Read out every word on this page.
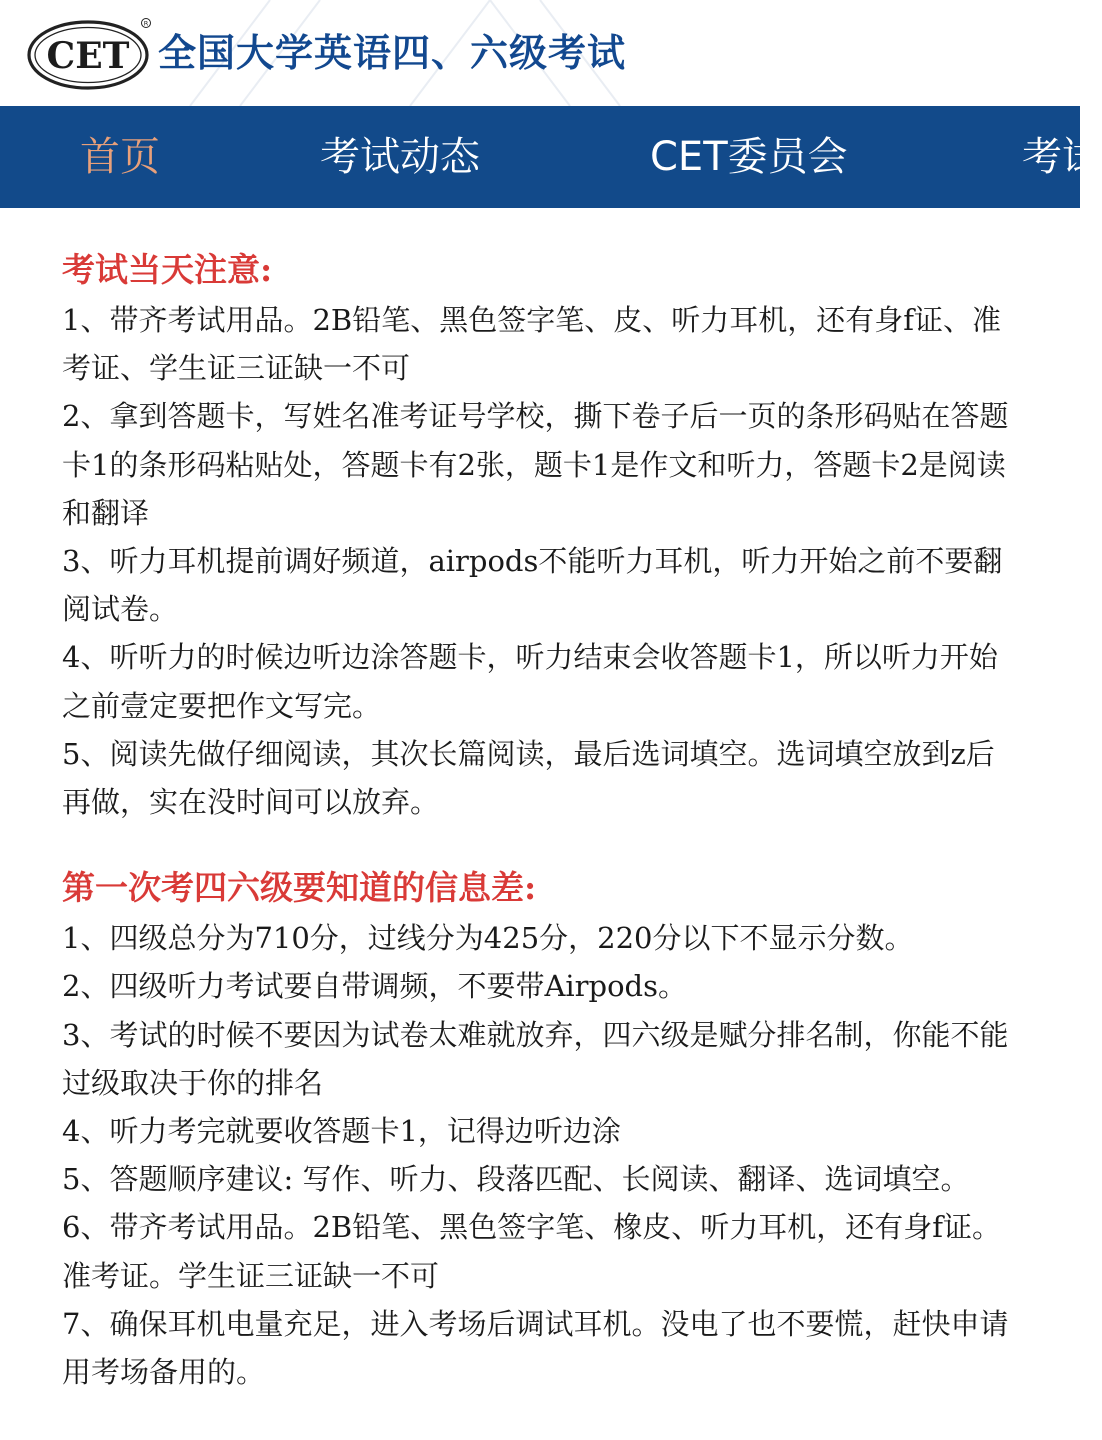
CET
R
全国大学英语四、六级考试
首页	考试动态	CET委员会	考试
考试当天注意:

1、带齐考试用品。2B铅笔、黑色签字笔、皮、听力耳机，还有身f证、准考证、学生证三证缺一不可

2、拿到答题卡，写姓名准考证号学校，撕下卷子后一页的条形码贴在答题卡1的条形码粘贴处，答题卡有2张，题卡1是作文和听力，答题卡2是阅读和翻译

3、听力耳机提前调好频道，airpods不能听力耳机，听力开始之前不要翻阅试卷。

4、听听力的时候边听边涂答题卡，听力结束会收答题卡1，所以听力开始之前壹定要把作文写完。

5、阅读先做仔细阅读，其次长篇阅读，最后选词填空。选词填空放到z后再做，实在没时间可以放弃。

第一次考四六级要知道的信息差:

1、四级总分为710分，过线分为425分，220分以下不显示分数。

2、四级听力考试要自带调频，不要带Airpods。

3、考试的时候不要因为试卷太难就放弃，四六级是赋分排名制，你能不能过级取决于你的排名

4、听力考完就要收答题卡1，记得边听边涂

5、答题顺序建议: 写作、听力、段落匹配、长阅读、翻译、选词填空。

6、带齐考试用品。2B铅笔、黑色签字笔、橡皮、听力耳机，还有身f证。准考证。学生证三证缺一不可

7、确保耳机电量充足，进入考场后调试耳机。没电了也不要慌，赶快申请用考场备用的。
